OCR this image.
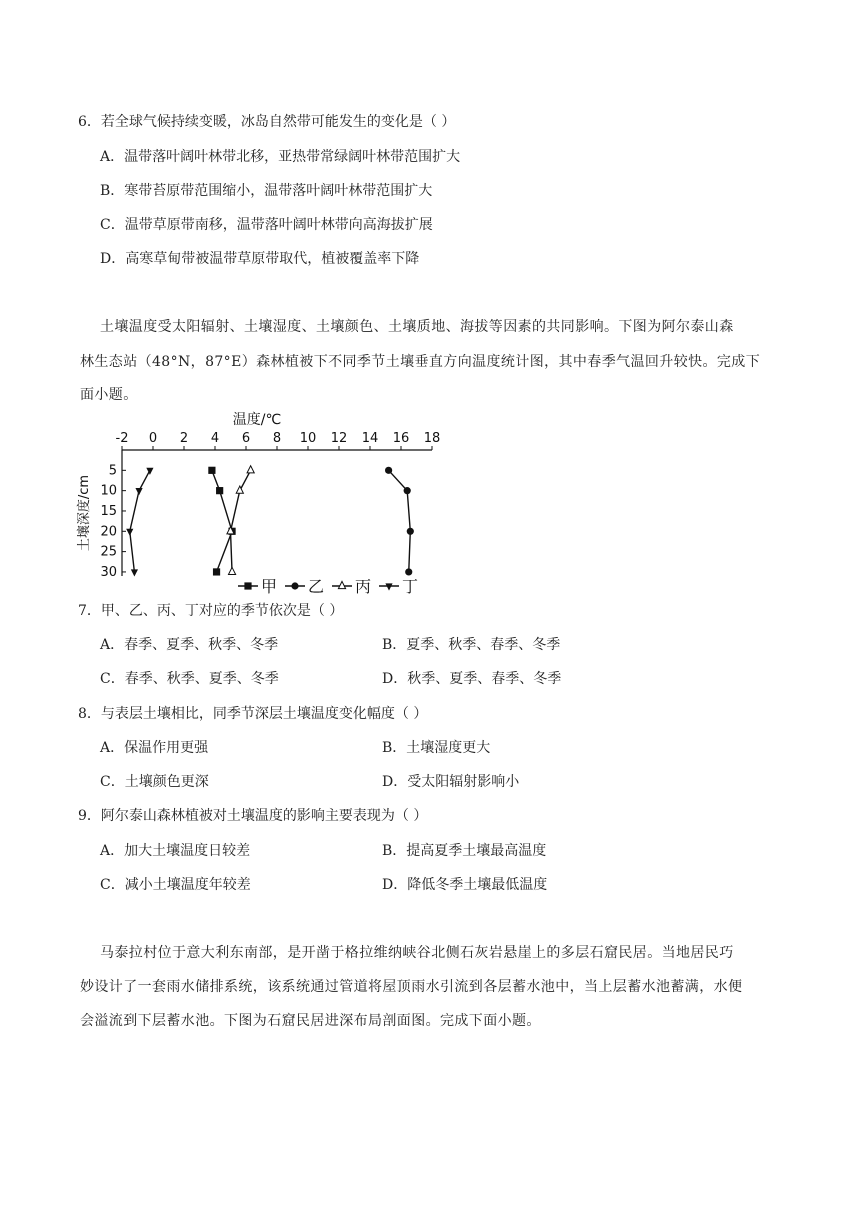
6．若全球气候持续变暖，冰岛自然带可能发生的变化是（ ）
A．温带落叶阔叶林带北移，亚热带常绿阔叶林带范围扩大
B．寒带苔原带范围缩小，温带落叶阔叶林带范围扩大
C．温带草原带南移，温带落叶阔叶林带向高海拔扩展
D．高寒草甸带被温带草原带取代，植被覆盖率下降
土壤温度受太阳辐射、土壤湿度、土壤颜色、土壤质地、海拔等因素的共同影响。下图为阿尔泰山森
林生态站（48°N，87°E）森林植被下不同季节土壤垂直方向温度统计图，其中春季气温回升较快。完成下
面小题。
温度/℃
-2 0 2 4 6 8 10 12 14 16 18
5
10
15
20
25
30
土壤深度/cm
甲 乙 丙 丁
7．甲、乙、丙、丁对应的季节依次是（ ）
A．春季、夏季、秋季、冬季	B．夏季、秋季、春季、冬季
C．春季、秋季、夏季、冬季	D．秋季、夏季、春季、冬季
8．与表层土壤相比，同季节深层土壤温度变化幅度（ ）
A．保温作用更强	B．土壤湿度更大
C．土壤颜色更深	D．受太阳辐射影响小
9．阿尔泰山森林植被对土壤温度的影响主要表现为（ ）
A．加大土壤温度日较差	B．提高夏季土壤最高温度
C．减小土壤温度年较差	D．降低冬季土壤最低温度
马泰拉村位于意大利东南部，是开凿于格拉维纳峡谷北侧石灰岩悬崖上的多层石窟民居。当地居民巧
妙设计了一套雨水储排系统，该系统通过管道将屋顶雨水引流到各层蓄水池中，当上层蓄水池蓄满，水便
会溢流到下层蓄水池。下图为石窟民居进深布局剖面图。完成下面小题。
